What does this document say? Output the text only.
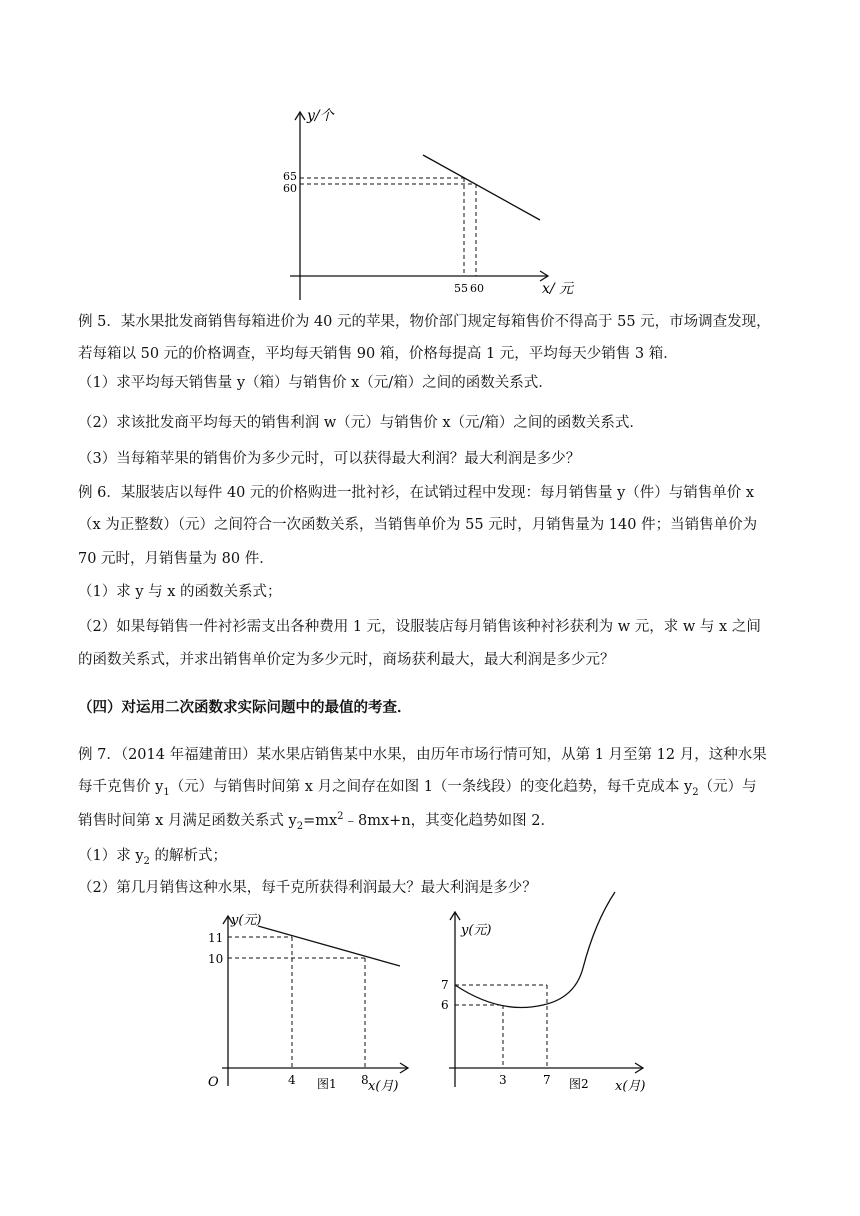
y/个
65
60
55 60	x/ 元
例 5．某水果批发商销售每箱进价为 40 元的苹果，物价部门规定每箱售价不得高于 55 元，市场调查发现，
若每箱以 50 元的价格调查，平均每天销售 90 箱，价格每提高 1 元，平均每天少销售 3 箱．
（1）求平均每天销售量 y（箱）与销售价 x（元/箱）之间的函数关系式．
（2）求该批发商平均每天的销售利润 w（元）与销售价 x（元/箱）之间的函数关系式．
（3）当每箱苹果的销售价为多少元时，可以获得最大利润？最大利润是多少？
例 6．某服装店以每件 40 元的价格购进一批衬衫，在试销过程中发现：每月销售量 y（件）与销售单价 x
（x 为正整数）（元）之间符合一次函数关系，当销售单价为 55 元时，月销售量为 140 件；当销售单价为
70 元时，月销售量为 80 件．
（1）求 y 与 x 的函数关系式；
（2）如果每销售一件衬衫需支出各种费用 1 元，设服装店每月销售该种衬衫获利为 w 元，求 w 与 x 之间
的函数关系式，并求出销售单价定为多少元时，商场获利最大，最大利润是多少元？
（四）对运用二次函数求实际问题中的最值的考查．
例 7．（2014 年福建莆田）某水果店销售某中水果，由历年市场行情可知，从第 1 月至第 12 月，这种水果
每千克售价 $y_1$（元）与销售时间第 x 月之间存在如图 1（一条线段）的变化趋势，每千克成本 $y_2$（元）与
销售时间第 x 月满足函数关系式 $y_2=mx^2﹣8mx+n$，其变化趋势如图 2．
（1）求 $y_2$ 的解析式；
（2）第几月销售这种水果，每千克所获得利润最大？最大利润是多少？
y(元)
11
10
O	4	8
图1 x(月)
y(元)
7
6
3	7 图2 x(月)
